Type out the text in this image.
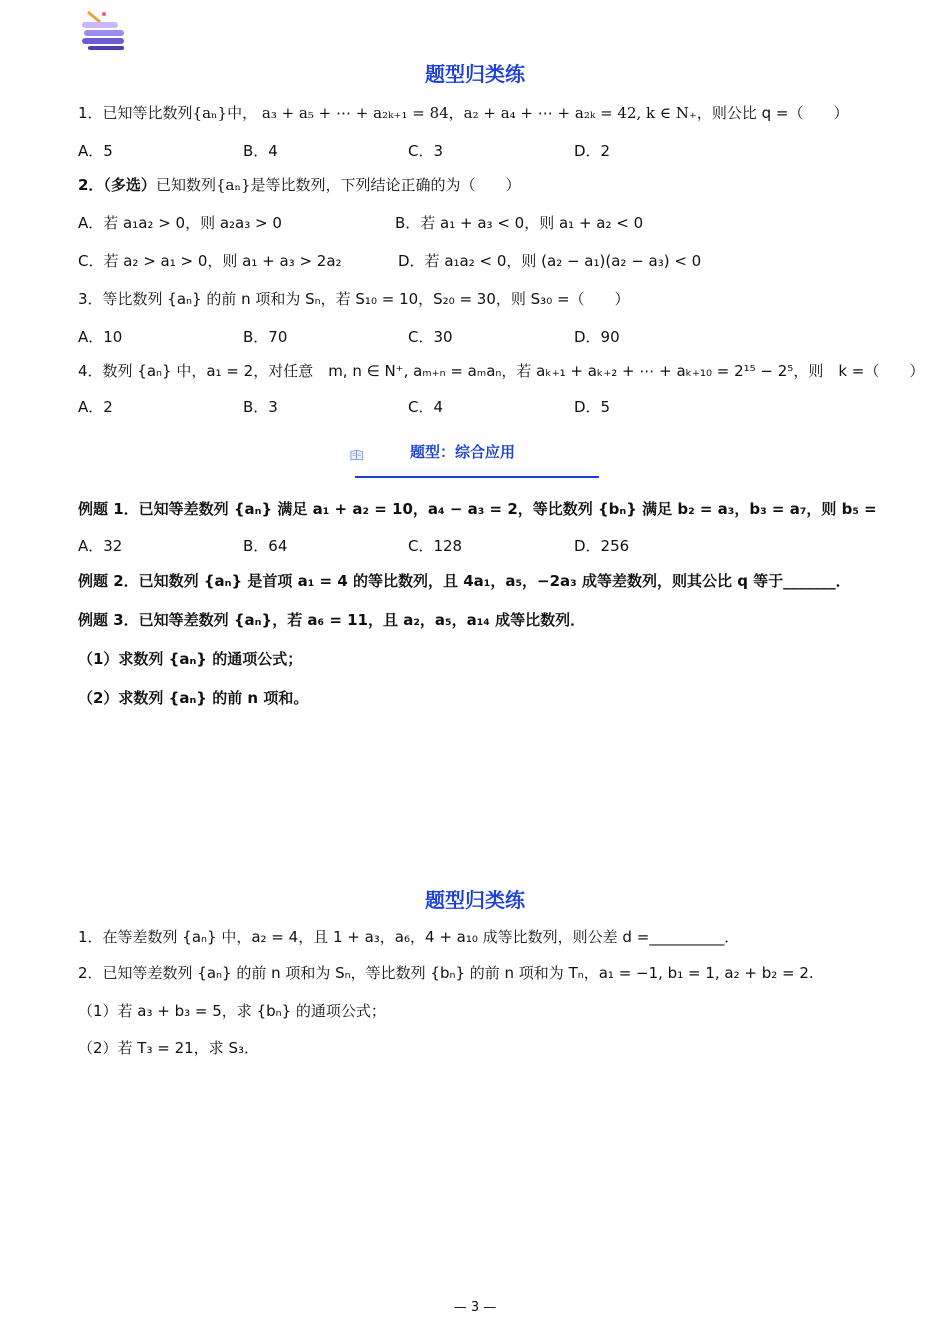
题型归类练
1．已知等比数列{aₙ}中， a₃ + a₅ + ⋯ + a₂ₖ₊₁ = 84，a₂ + a₄ + ⋯ + a₂ₖ = 42, k ∈ N₊，则公比 q =（　　）
A．5	B．4	C．3	D．2
2．（多选）已知数列{aₙ}是等比数列，下列结论正确的为（　　）
A．若 a₁a₂ > 0，则 a₂a₃ > 0	B．若 a₁ + a₃ < 0，则 a₁ + a₂ < 0
C．若 a₂ > a₁ > 0，则 a₁ + a₃ > 2a₂	D．若 a₁a₂ < 0，则 (a₂ − a₁)(a₂ − a₃) < 0
3．等比数列 {aₙ} 的前 n 项和为 Sₙ，若 S₁₀ = 10，S₂₀ = 30，则 S₃₀ =（　　）
A．10	B．70	C．30	D．90
4．数列 {aₙ} 中，a₁ = 2，对任意　m, n ∈ N⁺, aₘ₊ₙ = aₘaₙ，若 aₖ₊₁ + aₖ₊₂ + ⋯ + aₖ₊₁₀ = 2¹⁵ − 2⁵，则　k =（　　）
A．2	B．3	C．4	D．5
题型：综合应用
例题 1．已知等差数列 {aₙ} 满足 a₁ + a₂ = 10，a₄ − a₃ = 2，等比数列 {bₙ} 满足 b₂ = a₃，b₃ = a₇，则 b₅ =
A．32	B．64	C．128	D．256
例题 2．已知数列 {aₙ} 是首项 a₁ = 4 的等比数列，且 4a₁，a₅，−2a₃ 成等差数列，则其公比 q 等于_______．
例题 3．已知等差数列 {aₙ}，若 a₆ = 11，且 a₂，a₅，a₁₄ 成等比数列．
（1）求数列 {aₙ} 的通项公式；
（2）求数列 {aₙ} 的前 n 项和。
题型归类练
1．在等差数列 {aₙ} 中，a₂ = 4，且 1 + a₃，a₆，4 + a₁₀ 成等比数列，则公差 d =__________．
2．已知等差数列 {aₙ} 的前 n 项和为 Sₙ，等比数列 {bₙ} 的前 n 项和为 Tₙ，a₁ = −1, b₁ = 1, a₂ + b₂ = 2.
（1）若 a₃ + b₃ = 5，求 {bₙ} 的通项公式；
（2）若 T₃ = 21，求 S₃．
— 3 —
